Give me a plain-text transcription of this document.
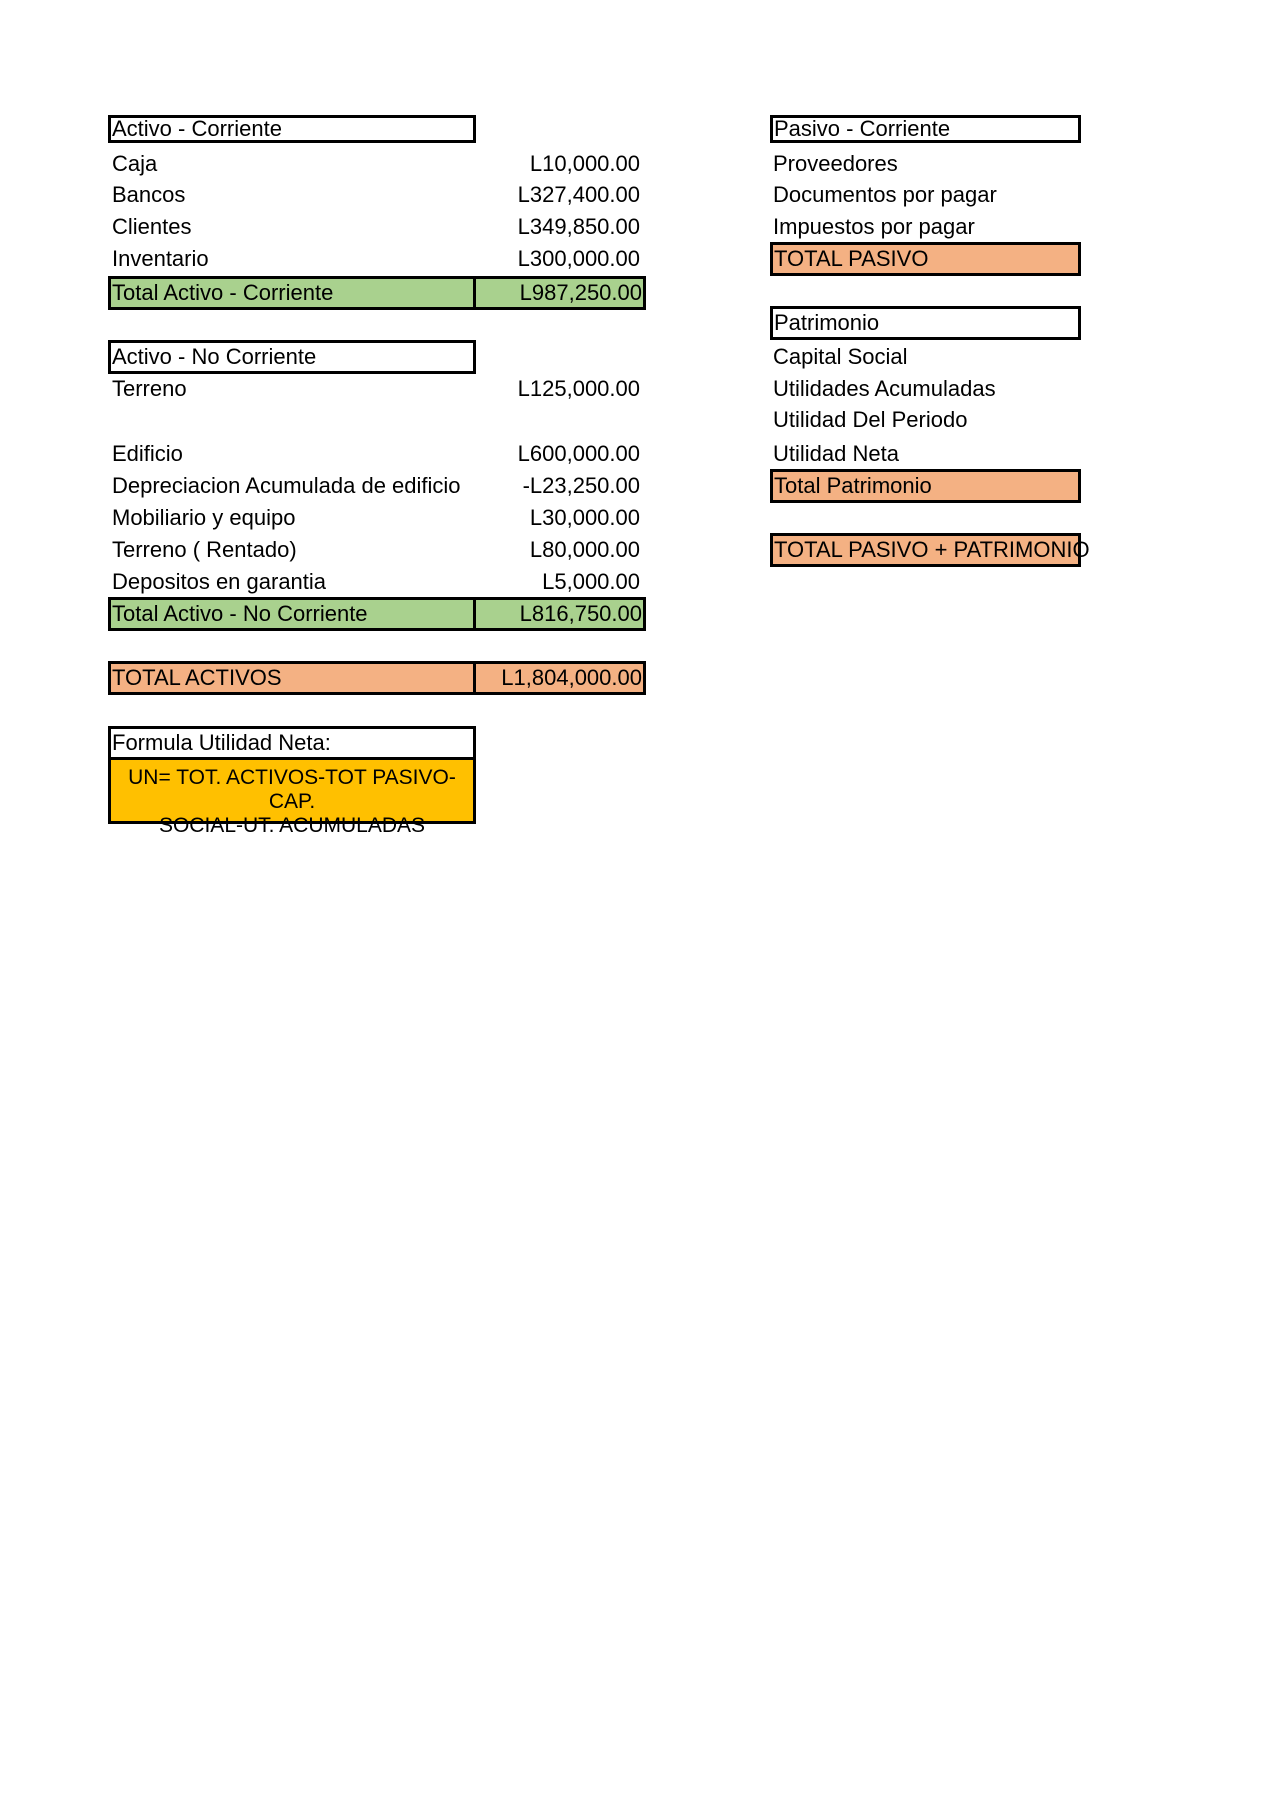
Activo - Corriente
Caja	L10,000.00
Bancos	L327,400.00
Clientes	L349,850.00
Inventario	L300,000.00
Total Activo - Corriente	L987,250.00
Activo - No Corriente
Terreno	L125,000.00
Edificio	L600,000.00
Depreciacion Acumulada de edificio	-L23,250.00
Mobiliario y equipo	L30,000.00
Terreno ( Rentado)	L80,000.00
Depositos en garantia	L5,000.00
Total Activo - No Corriente	L816,750.00
TOTAL ACTIVOS	L1,804,000.00
Formula Utilidad Neta:
UN= TOT. ACTIVOS-TOT PASIVO-CAP.
SOCIAL-UT. ACUMULADAS
Pasivo - Corriente
Proveedores
Documentos por pagar
Impuestos por pagar
TOTAL PASIVO
Patrimonio
Capital Social
Utilidades Acumuladas
Utilidad Del Periodo
Utilidad Neta
Total Patrimonio
TOTAL PASIVO + PATRIMONIO
